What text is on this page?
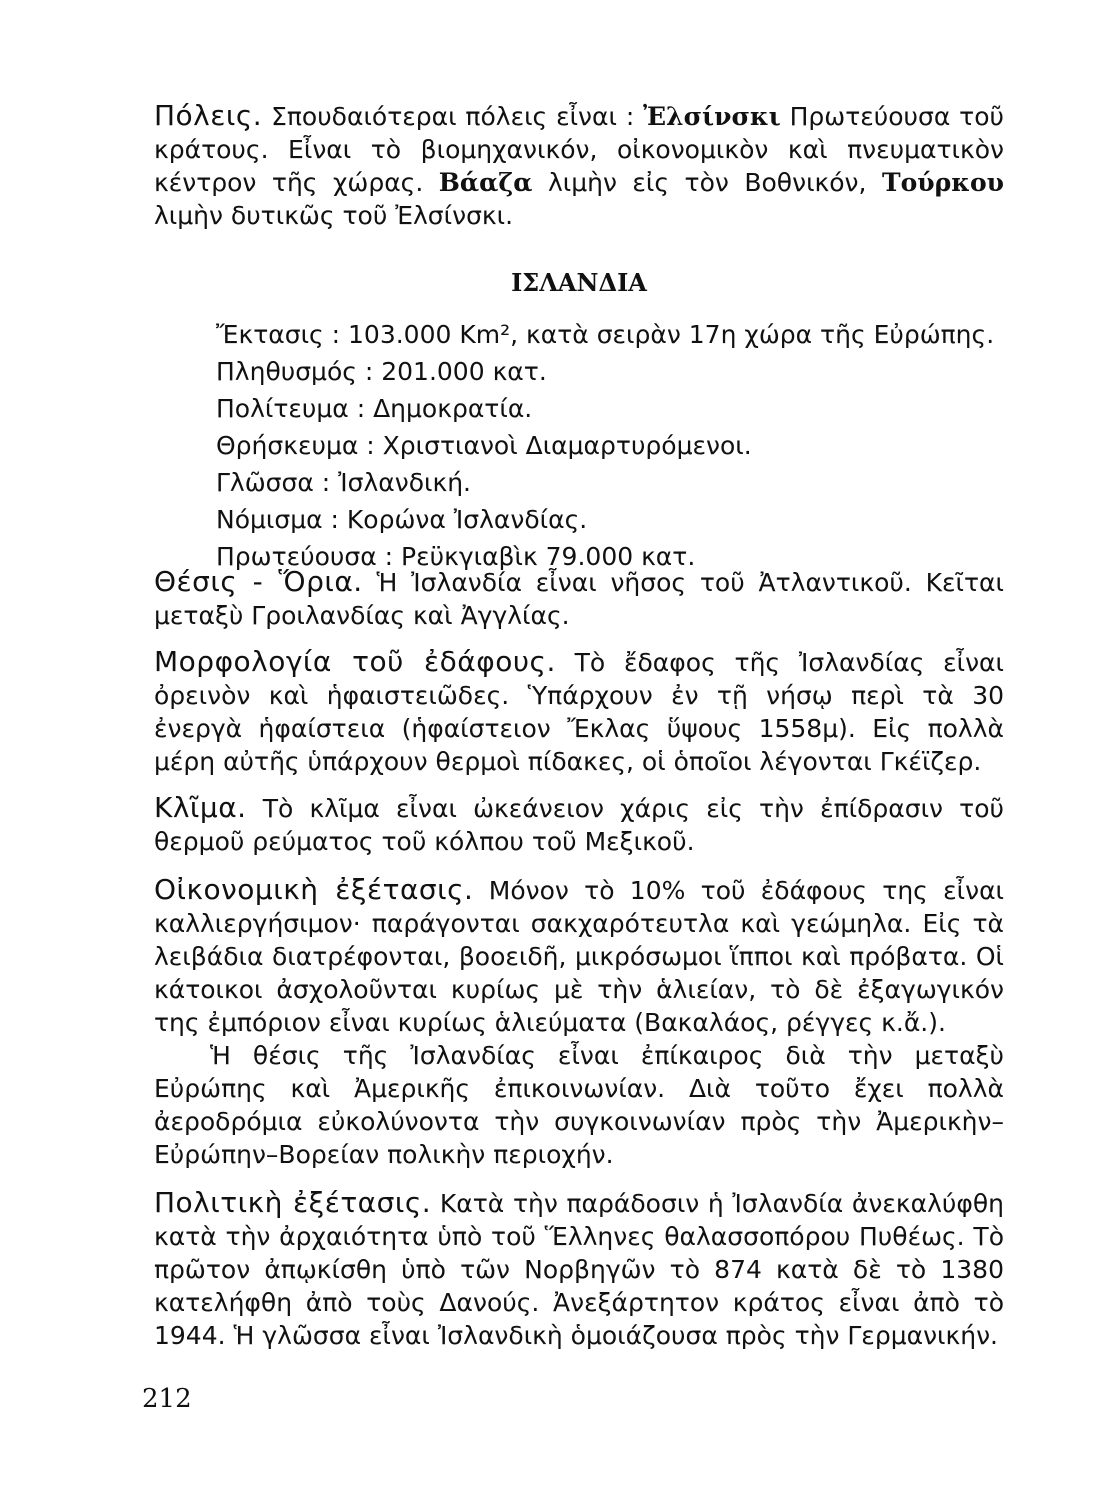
Πόλεις. Σπουδαιότεραι πόλεις εἶναι : Ἐλσίνσκι Πρωτεύουσα τοῦ κράτους. Εἶναι τὸ βιομηχανικόν, οἰκονομικὸν καὶ πνευματικὸν κέντρον τῆς χώρας. Βάαζα λιμὴν εἰς τὸν Βοθνικόν, Τούρκου λιμὴν δυτικῶς τοῦ Ἐλσίνσκι.

ΙΣΛΑΝΔΙΑ

Ἔκτασις : 103.000 Km², κατὰ σειρὰν 17η χώρα τῆς Εὐρώπης.

Πληθυσμός : 201.000 κατ.

Πολίτευμα : Δημοκρατία.

Θρήσκευμα : Χριστιανοὶ Διαμαρτυρόμενοι.

Γλῶσσα : Ἰσλανδική.

Νόμισμα : Κορώνα Ἰσλανδίας.

Πρωτεύουσα : Ρεϋκγιαβὶκ 79.000 κατ.

Θέσις - Ὅρια. Ἡ Ἰσλανδία εἶναι νῆσος τοῦ Ἀτλαντικοῦ. Κεῖται μεταξὺ Γροιλανδίας καὶ Ἀγγλίας.

Μορφολογία τοῦ ἐδάφους. Τὸ ἔδαφος τῆς Ἰσλανδίας εἶναι ὀρεινὸν καὶ ἡφαιστειῶδες. Ὑπάρχουν ἐν τῇ νήσῳ περὶ τὰ 30 ἐνεργὰ ἡφαίστεια (ἡφαίστειον Ἔκλας ὕψους 1558μ). Εἰς πολλὰ μέρη αὐτῆς ὑπάρχουν θερμοὶ πίδακες, οἱ ὁποῖοι λέγονται Γκέϊζερ.

Κλῖμα. Τὸ κλῖμα εἶναι ὠκεάνειον χάρις εἰς τὴν ἐπίδρασιν τοῦ θερμοῦ ρεύματος τοῦ κόλπου τοῦ Μεξικοῦ.

Οἰκονομικὴ ἐξέτασις. Μόνον τὸ 10% τοῦ ἐδάφους της εἶναι καλλιεργήσιμον· παράγονται σακχαρότευτλα καὶ γεώμηλα. Εἰς τὰ λειβάδια διατρέφονται, βοοειδῆ, μικρόσωμοι ἵπποι καὶ πρόβατα. Οἱ κάτοικοι ἀσχολοῦνται κυρίως μὲ τὴν ἁλιείαν, τὸ δὲ ἐξαγωγικόν της ἐμπόριον εἶναι κυρίως ἁλιεύματα (Βακαλάος, ρέγγες κ.ἄ.).

Ἡ θέσις τῆς Ἰσλανδίας εἶναι ἐπίκαιρος διὰ τὴν μεταξὺ Εὐρώπης καὶ Ἀμερικῆς ἐπικοινωνίαν. Διὰ τοῦτο ἔχει πολλὰ ἀεροδρόμια εὐκολύνοντα τὴν συγκοινωνίαν πρὸς τὴν Ἀμερικὴν–Εὐρώπην–Βορείαν πολικὴν περιοχήν.

Πολιτικὴ ἐξέτασις. Κατὰ τὴν παράδοσιν ἡ Ἰσλανδία ἀνεκαλύφθη κατὰ τὴν ἀρχαιότητα ὑπὸ τοῦ Ἕλληνες θαλασσοπόρου Πυθέως. Τὸ πρῶτον ἀπῳκίσθη ὑπὸ τῶν Νορβηγῶν τὸ 874 κατὰ δὲ τὸ 1380 κατελήφθη ἀπὸ τοὺς Δανούς. Ἀνεξάρτητον κράτος εἶναι ἀπὸ τὸ 1944. Ἡ γλῶσσα εἶναι Ἰσλανδικὴ ὁμοιάζουσα πρὸς τὴν Γερμανικήν.

212
